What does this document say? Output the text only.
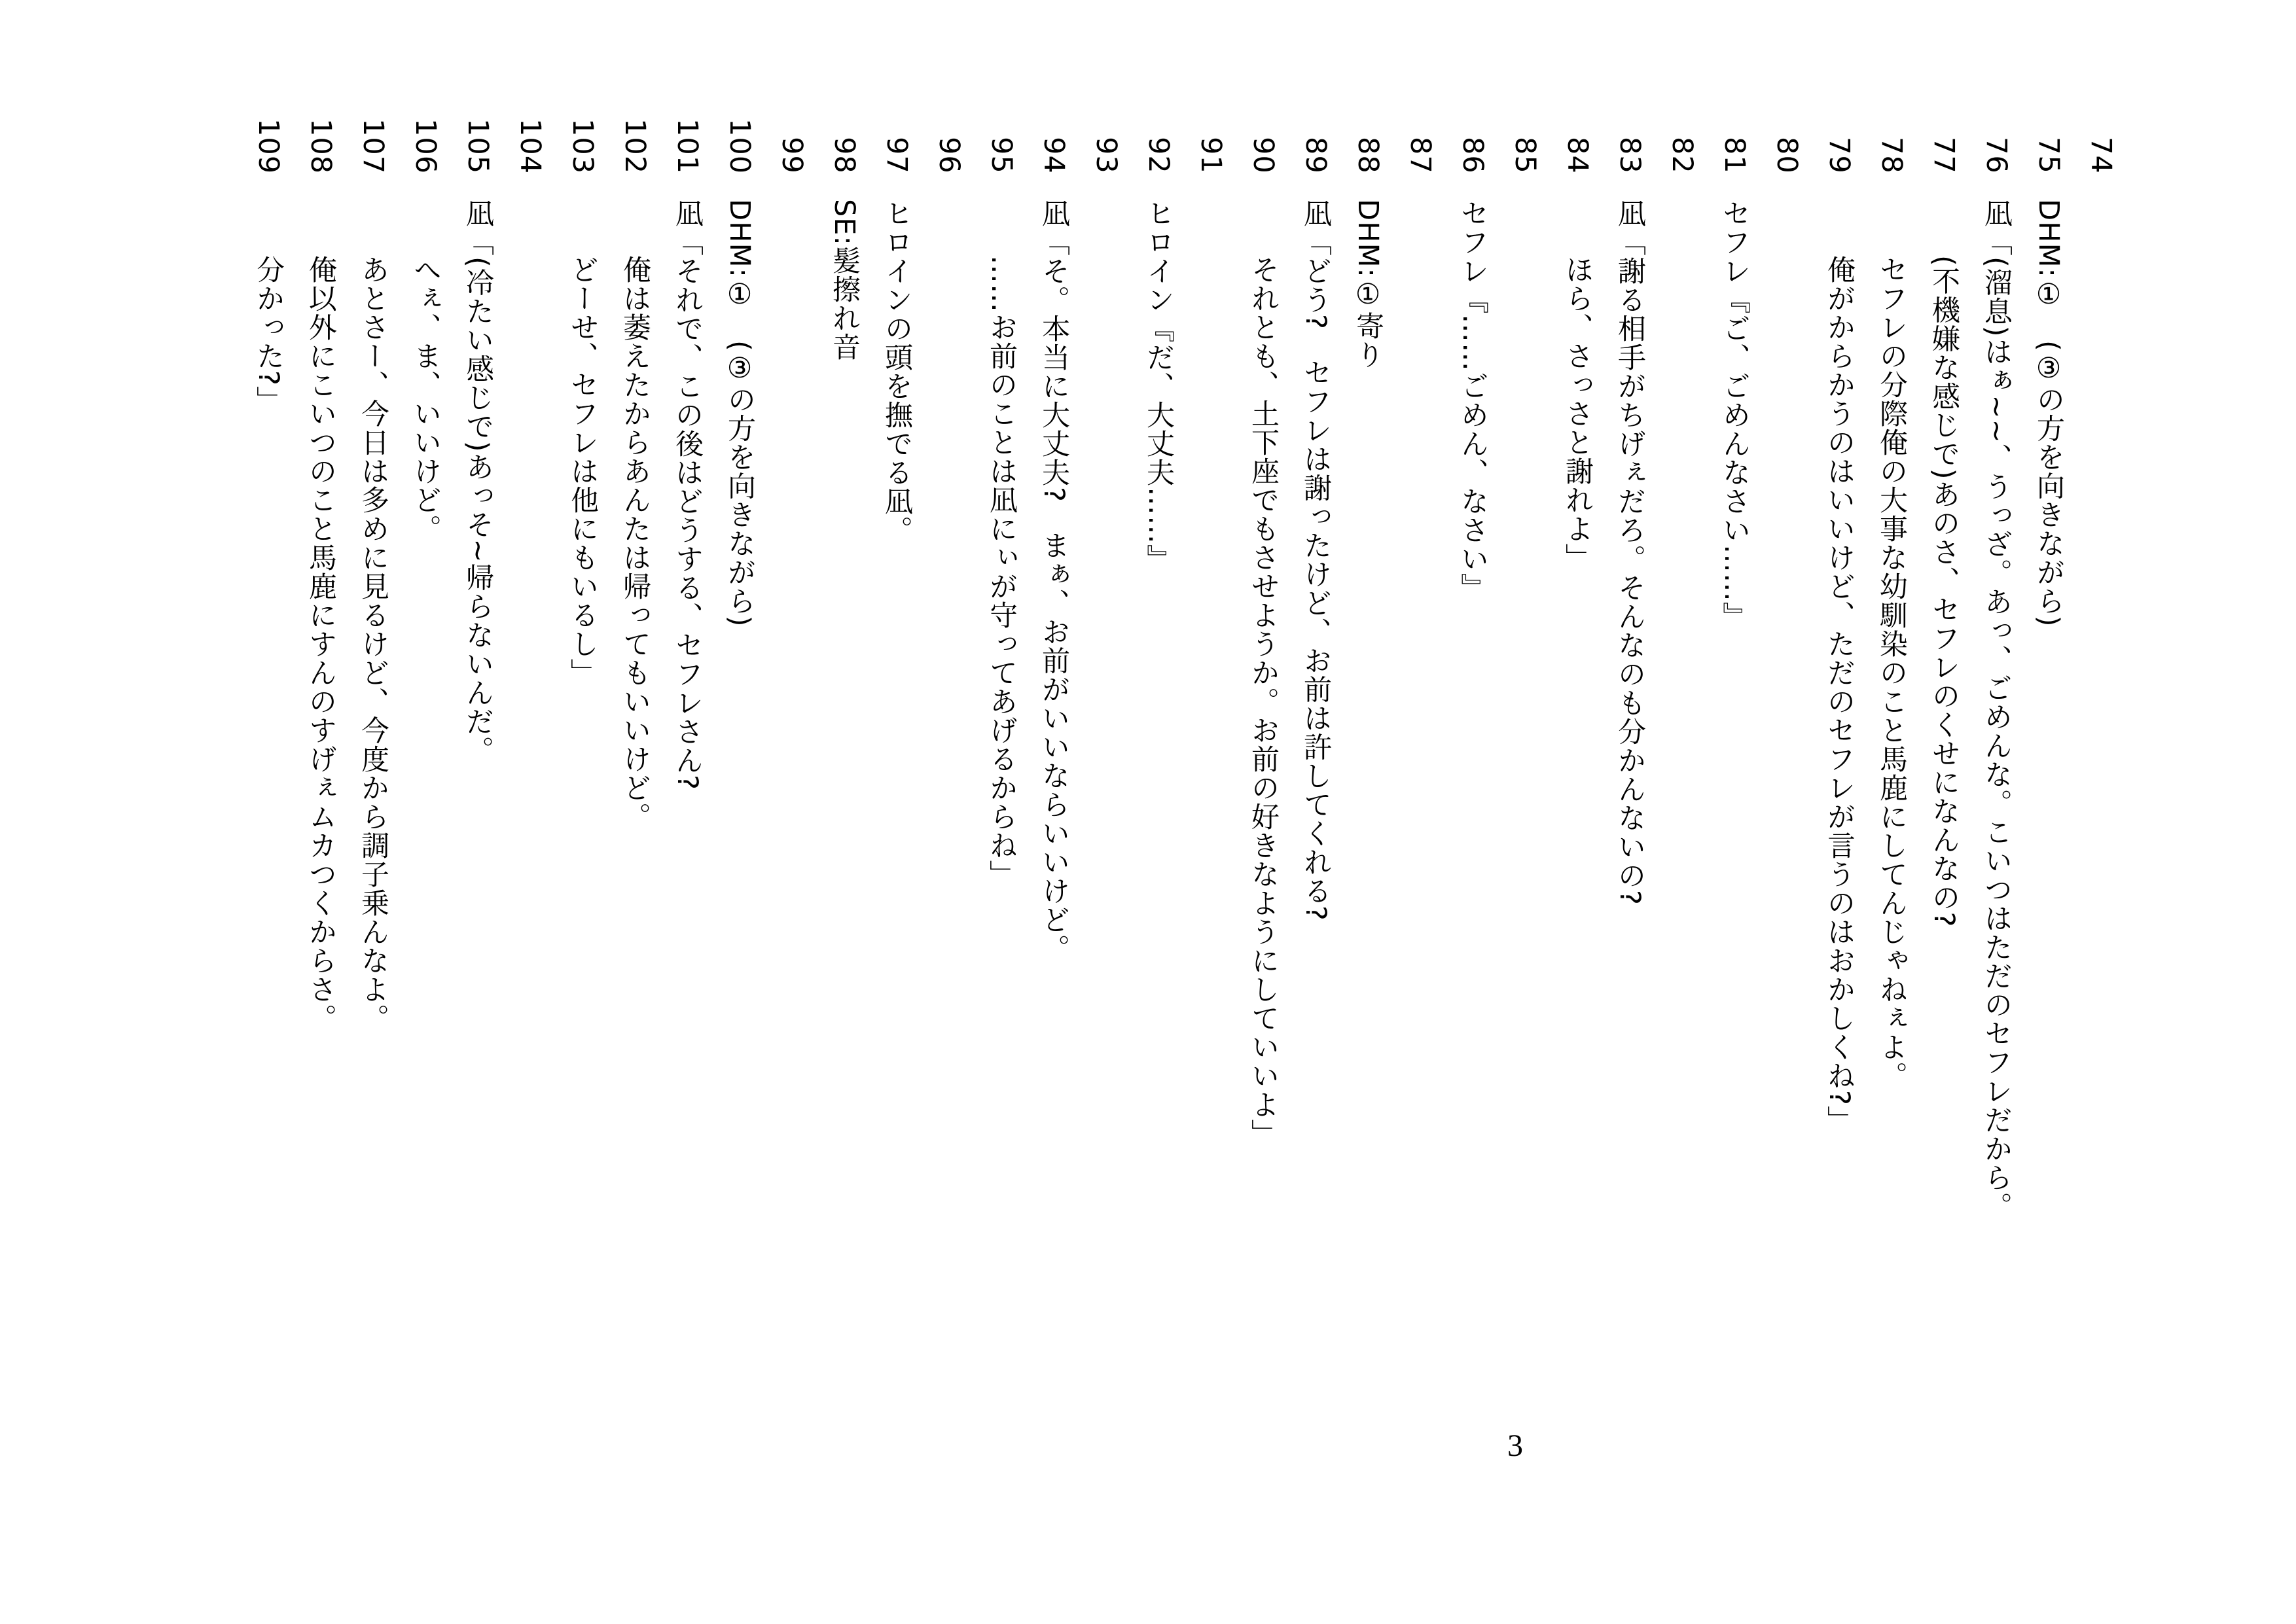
74
75DHM:①　(③の方を向きながら)
76凪「(溜息)はぁ~~、うっざ。あっ、ごめんな。こいつはただのセフレだから。
77(不機嫌な感じで)あのさ、セフレのくせになんなの?
78セフレの分際俺の大事な幼馴染のこと馬鹿にしてんじゃねぇよ。
79俺がからかうのはいいけど、ただのセフレが言うのはおかしくね?」
80
81セフレ『ご、ごめんなさい……』
82
83凪「謝る相手がちげぇだろ。そんなのも分かんないの?
84ほら、さっさと謝れよ」
85
86セフレ『……ごめん、なさい』
87
88DHM:①寄り
89凪「どう?　セフレは謝ったけど、お前は許してくれる?
90それとも、土下座でもさせようか。お前の好きなようにしていいよ」
91
92ヒロイン『だ、大丈夫……』
93
94凪「そ。本当に大丈夫?　まぁ、お前がいいならいいけど。
95……お前のことは凪にぃが守ってあげるからね」
96
97ヒロインの頭を撫でる凪。
98SE:髪擦れ音
99
100DHM:①　(③の方を向きながら)
101凪「それで、この後はどうする、セフレさん?
102俺は萎えたからあんたは帰ってもいいけど。
103どーせ、セフレは他にもいるし」
104
105凪「(冷たい感じで)あっそ~帰らないんだ。
106へぇ、ま、いいけど。
107あとさー、今日は多めに見るけど、今度から調子乗んなよ。
108俺以外にこいつのこと馬鹿にすんのすげぇムカつくからさ。
109分かった?」
3
